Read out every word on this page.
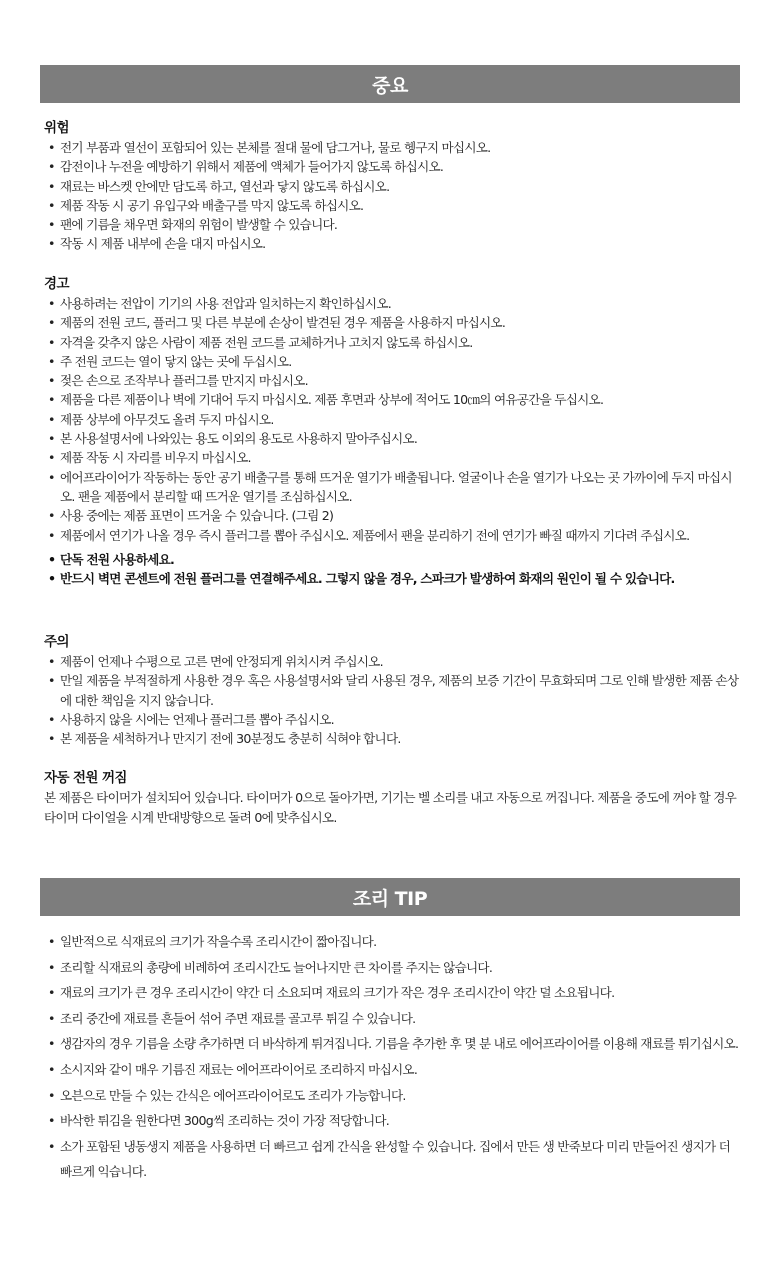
중요
위험
• 전기 부품과 열선이 포함되어 있는 본체를 절대 물에 담그거나, 물로 헹구지 마십시오.
• 감전이나 누전을 예방하기 위해서 제품에 액체가 들어가지 않도록 하십시오.
• 재료는 바스켓 안에만 담도록 하고, 열선과 닿지 않도록 하십시오.
• 제품 작동 시 공기 유입구와 배출구를 막지 않도록 하십시오.
• 팬에 기름을 채우면 화재의 위험이 발생할 수 있습니다.
• 작동 시 제품 내부에 손을 대지 마십시오.
경고
• 사용하려는 전압이 기기의 사용 전압과 일치하는지 확인하십시오.
• 제품의 전원 코드, 플러그 및 다른 부분에 손상이 발견된 경우 제품을 사용하지 마십시오.
• 자격을 갖추지 않은 사람이 제품 전원 코드를 교체하거나 고치지 않도록 하십시오.
• 주 전원 코드는 열이 닿지 않는 곳에 두십시오.
• 젖은 손으로 조작부나 플러그를 만지지 마십시오.
• 제품을 다른 제품이나 벽에 기대어 두지 마십시오. 제품 후면과 상부에 적어도 10㎝의 여유공간을 두십시오.
• 제품 상부에 아무것도 올려 두지 마십시오.
• 본 사용설명서에 나와있는 용도 이외의 용도로 사용하지 말아주십시오.
• 제품 작동 시 자리를 비우지 마십시오.
• 에어프라이어가 작동하는 동안 공기 배출구를 통해 뜨거운 열기가 배출됩니다. 얼굴이나 손을 열기가 나오는 곳 가까이에 두지 마십시오. 팬을 제품에서 분리할 때 뜨거운 열기를 조심하십시오.
• 사용 중에는 제품 표면이 뜨거울 수 있습니다. (그림 2)
• 제품에서 연기가 나올 경우 즉시 플러그를 뽑아 주십시오. 제품에서 팬을 분리하기 전에 연기가 빠질 때까지 기다려 주십시오.
• 단독 전원 사용하세요.
• 반드시 벽면 콘센트에 전원 플러그를 연결해주세요. 그렇지 않을 경우, 스파크가 발생하여 화재의 원인이 될 수 있습니다.
주의
• 제품이 언제나 수평으로 고른 면에 안정되게 위치시켜 주십시오.
• 만일 제품을 부적절하게 사용한 경우 혹은 사용설명서와 달리 사용된 경우, 제품의 보증 기간이 무효화되며 그로 인해 발생한 제품 손상에 대한 책임을 지지 않습니다.
• 사용하지 않을 시에는 언제나 플러그를 뽑아 주십시오.
• 본 제품을 세척하거나 만지기 전에 30분정도 충분히 식혀야 합니다.
자동 전원 꺼짐

본 제품은 타이머가 설치되어 있습니다. 타이머가 0으로 돌아가면, 기기는 벨 소리를 내고 자동으로 꺼집니다. 제품을 중도에 꺼야 할 경우 타이머 다이얼을 시계 반대방향으로 돌려 0에 맞추십시오.

조리 TIP
• 일반적으로 식재료의 크기가 작을수록 조리시간이 짧아집니다.
• 조리할 식재료의 총량에 비례하여 조리시간도 늘어나지만 큰 차이를 주지는 않습니다.
• 재료의 크기가 큰 경우 조리시간이 약간 더 소요되며 재료의 크기가 작은 경우 조리시간이 약간 덜 소요됩니다.
• 조리 중간에 재료를 흔들어 섞어 주면 재료를 골고루 튀길 수 있습니다.
• 생감자의 경우 기름을 소량 추가하면 더 바삭하게 튀겨집니다. 기름을 추가한 후 몇 분 내로 에어프라이어를 이용해 재료를 튀기십시오.
• 소시지와 같이 매우 기름진 재료는 에어프라이어로 조리하지 마십시오.
• 오븐으로 만들 수 있는 간식은 에어프라이어로도 조리가 가능합니다.
• 바삭한 튀김을 원한다면 300g씩 조리하는 것이 가장 적당합니다.
• 소가 포함된 냉동생지 제품을 사용하면 더 빠르고 쉽게 간식을 완성할 수 있습니다. 집에서 만든 생 반죽보다 미리 만들어진 생지가 더 빠르게 익습니다.
